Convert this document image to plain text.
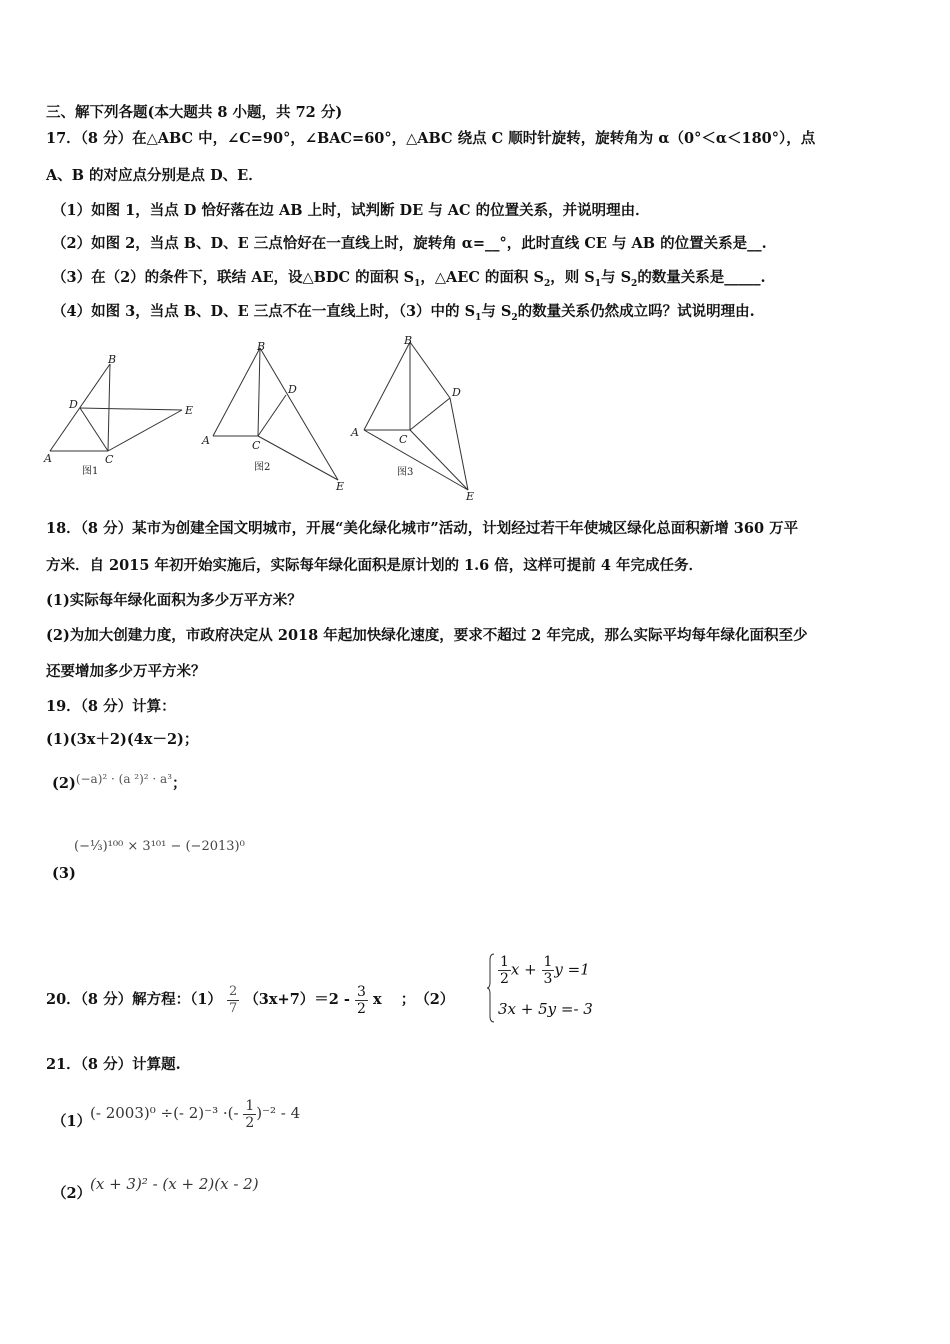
三、解下列各题(本大题共 8 小题，共 72 分)
17．（8 分）在△ABC 中，∠C=90°，∠BAC=60°，△ABC 绕点 C 顺时针旋转，旋转角为 α（0°＜α＜180°），点
A、B 的对应点分别是点 D、E．
（1）如图 1，当点 D 恰好落在边 AB 上时，试判断 DE 与 AC 的位置关系，并说明理由．
（2）如图 2，当点 B、D、E 三点恰好在一直线上时，旋转角 α=__°，此时直线 CE 与 AB 的位置关系是__.
（3）在（2）的条件下，联结 AE，设△BDC 的面积 $S_1$，△AEC 的面积 $S_2$，则 $S_1$与 $S_2$的数量关系是_____.
（4）如图 3，当点 B、D、E 三点不在一直线上时，（3）中的 $S_1$与 $S_2$的数量关系仍然成立吗？试说明理由.
B
D	E
A	C
图1
B
D
A	C
E
图2
B
D
A
C
E
图3
18．（8 分）某市为创建全国文明城市，开展“美化绿化城市”活动，计划经过若干年使城区绿化总面积新增 360 万平
方米．自 2015 年初开始实施后，实际每年绿化面积是原计划的 1.6 倍，这样可提前 4 年完成任务．
(1)实际每年绿化面积为多少万平方米？
(2)为加大创建力度，市政府决定从 2018 年起加快绿化速度，要求不超过 2 年完成，那么实际平均每年绿化面积至少
还要增加多少万平方米？
19．（8 分）计算：
(1)(3x＋2)(4x－2)；
$(2)^{(-a)^2 \cdot (a ^2)^2 \cdot a^3}$；
(−⅓)¹⁰⁰ × 3¹⁰¹ − (−2013)⁰
(3)
20．（8 分）解方程：$(1) \frac{2}{7} (3x+7)=2 - \frac{3}{2}$ x ；　（2）
$\frac{1}{2}$ $x + \frac{1}{3}$ y =1
3x + 5y =- 3
21．（8 分）计算题.
（1）
(- 2003)⁰ ÷(- 2)⁻³ ·(- $\frac{1}{2} )^{-2} - 4$
（2）
(x + 3)² - (x + 2)(x - 2)
